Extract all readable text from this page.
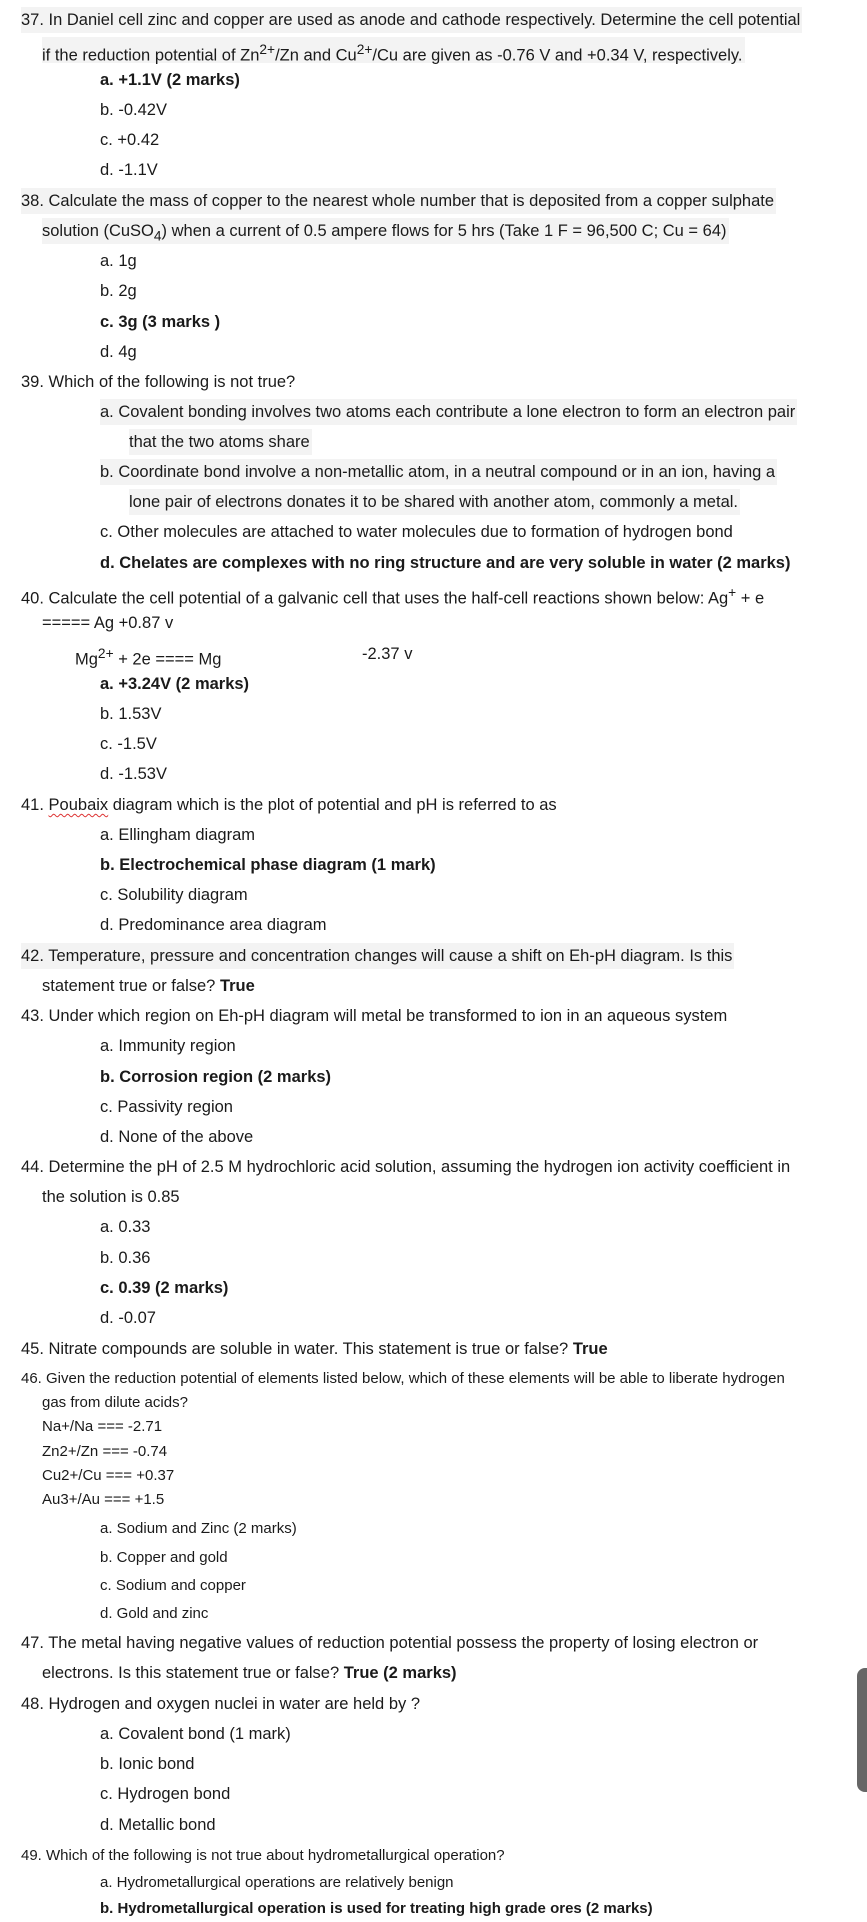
37. In Daniel cell zinc and copper are used as anode and cathode respectively. Determine the cell potential
if the reduction potential of $Zn^{2+}/Zn$ and $Cu^{2+}/Cu$ are given as -0.76 V and +0.34 V, respectively.
a. +1.1V (2 marks)
b. -0.42V
c. +0.42
d. -1.1V
38. Calculate the mass of copper to the nearest whole number that is deposited from a copper sulphate
solution (CuSO$_4$) when a current of 0.5 ampere flows for 5 hrs (Take 1 F = 96,500 C; Cu = 64)
a. 1g
b. 2g
c. 3g (3 marks )
d. 4g
39. Which of the following is not true?
a. Covalent bonding involves two atoms each contribute a lone electron to form an electron pair
that the two atoms share
b. Coordinate bond involve a non-metallic atom, in a neutral compound or in an ion, having a
lone pair of electrons donates it to be shared with another atom, commonly a metal.
c. Other molecules are attached to water molecules due to formation of hydrogen bond
d. Chelates are complexes with no ring structure and are very soluble in water (2 marks)
40. Calculate the cell potential of a galvanic cell that uses the half-cell reactions shown below: Ag+ + e
===== Ag +0.87 v
$Mg^{2+} + 2e$ ==== Mg	-2.37 v
a. +3.24V (2 marks)
b. 1.53V
c. -1.5V
d. -1.53V
41. Poubaix diagram which is the plot of potential and pH is referred to as
a. Ellingham diagram
b. Electrochemical phase diagram (1 mark)
c. Solubility diagram
d. Predominance area diagram
42. Temperature, pressure and concentration changes will cause a shift on Eh-pH diagram. Is this
statement true or false? True
43. Under which region on Eh-pH diagram will metal be transformed to ion in an aqueous system
a. Immunity region
b. Corrosion region (2 marks)
c. Passivity region
d. None of the above
44. Determine the pH of 2.5 M hydrochloric acid solution, assuming the hydrogen ion activity coefficient in
the solution is 0.85
a. 0.33
b. 0.36
c. 0.39 (2 marks)
d. -0.07
45. Nitrate compounds are soluble in water. This statement is true or false? True
46. Given the reduction potential of elements listed below, which of these elements will be able to liberate hydrogen
gas from dilute acids?
Na+/Na === -2.71
Zn2+/Zn === -0.74
Cu2+/Cu === +0.37
Au3+/Au === +1.5
a. Sodium and Zinc (2 marks)
b. Copper and gold
c. Sodium and copper
d. Gold and zinc
47. The metal having negative values of reduction potential possess the property of losing electron or
electrons. Is this statement true or false? True (2 marks)
48. Hydrogen and oxygen nuclei in water are held by ?
a. Covalent bond (1 mark)
b. Ionic bond
c. Hydrogen bond
d. Metallic bond
49. Which of the following is not true about hydrometallurgical operation?
a. Hydrometallurgical operations are relatively benign
b. Hydrometallurgical operation is used for treating high grade ores (2 marks)
